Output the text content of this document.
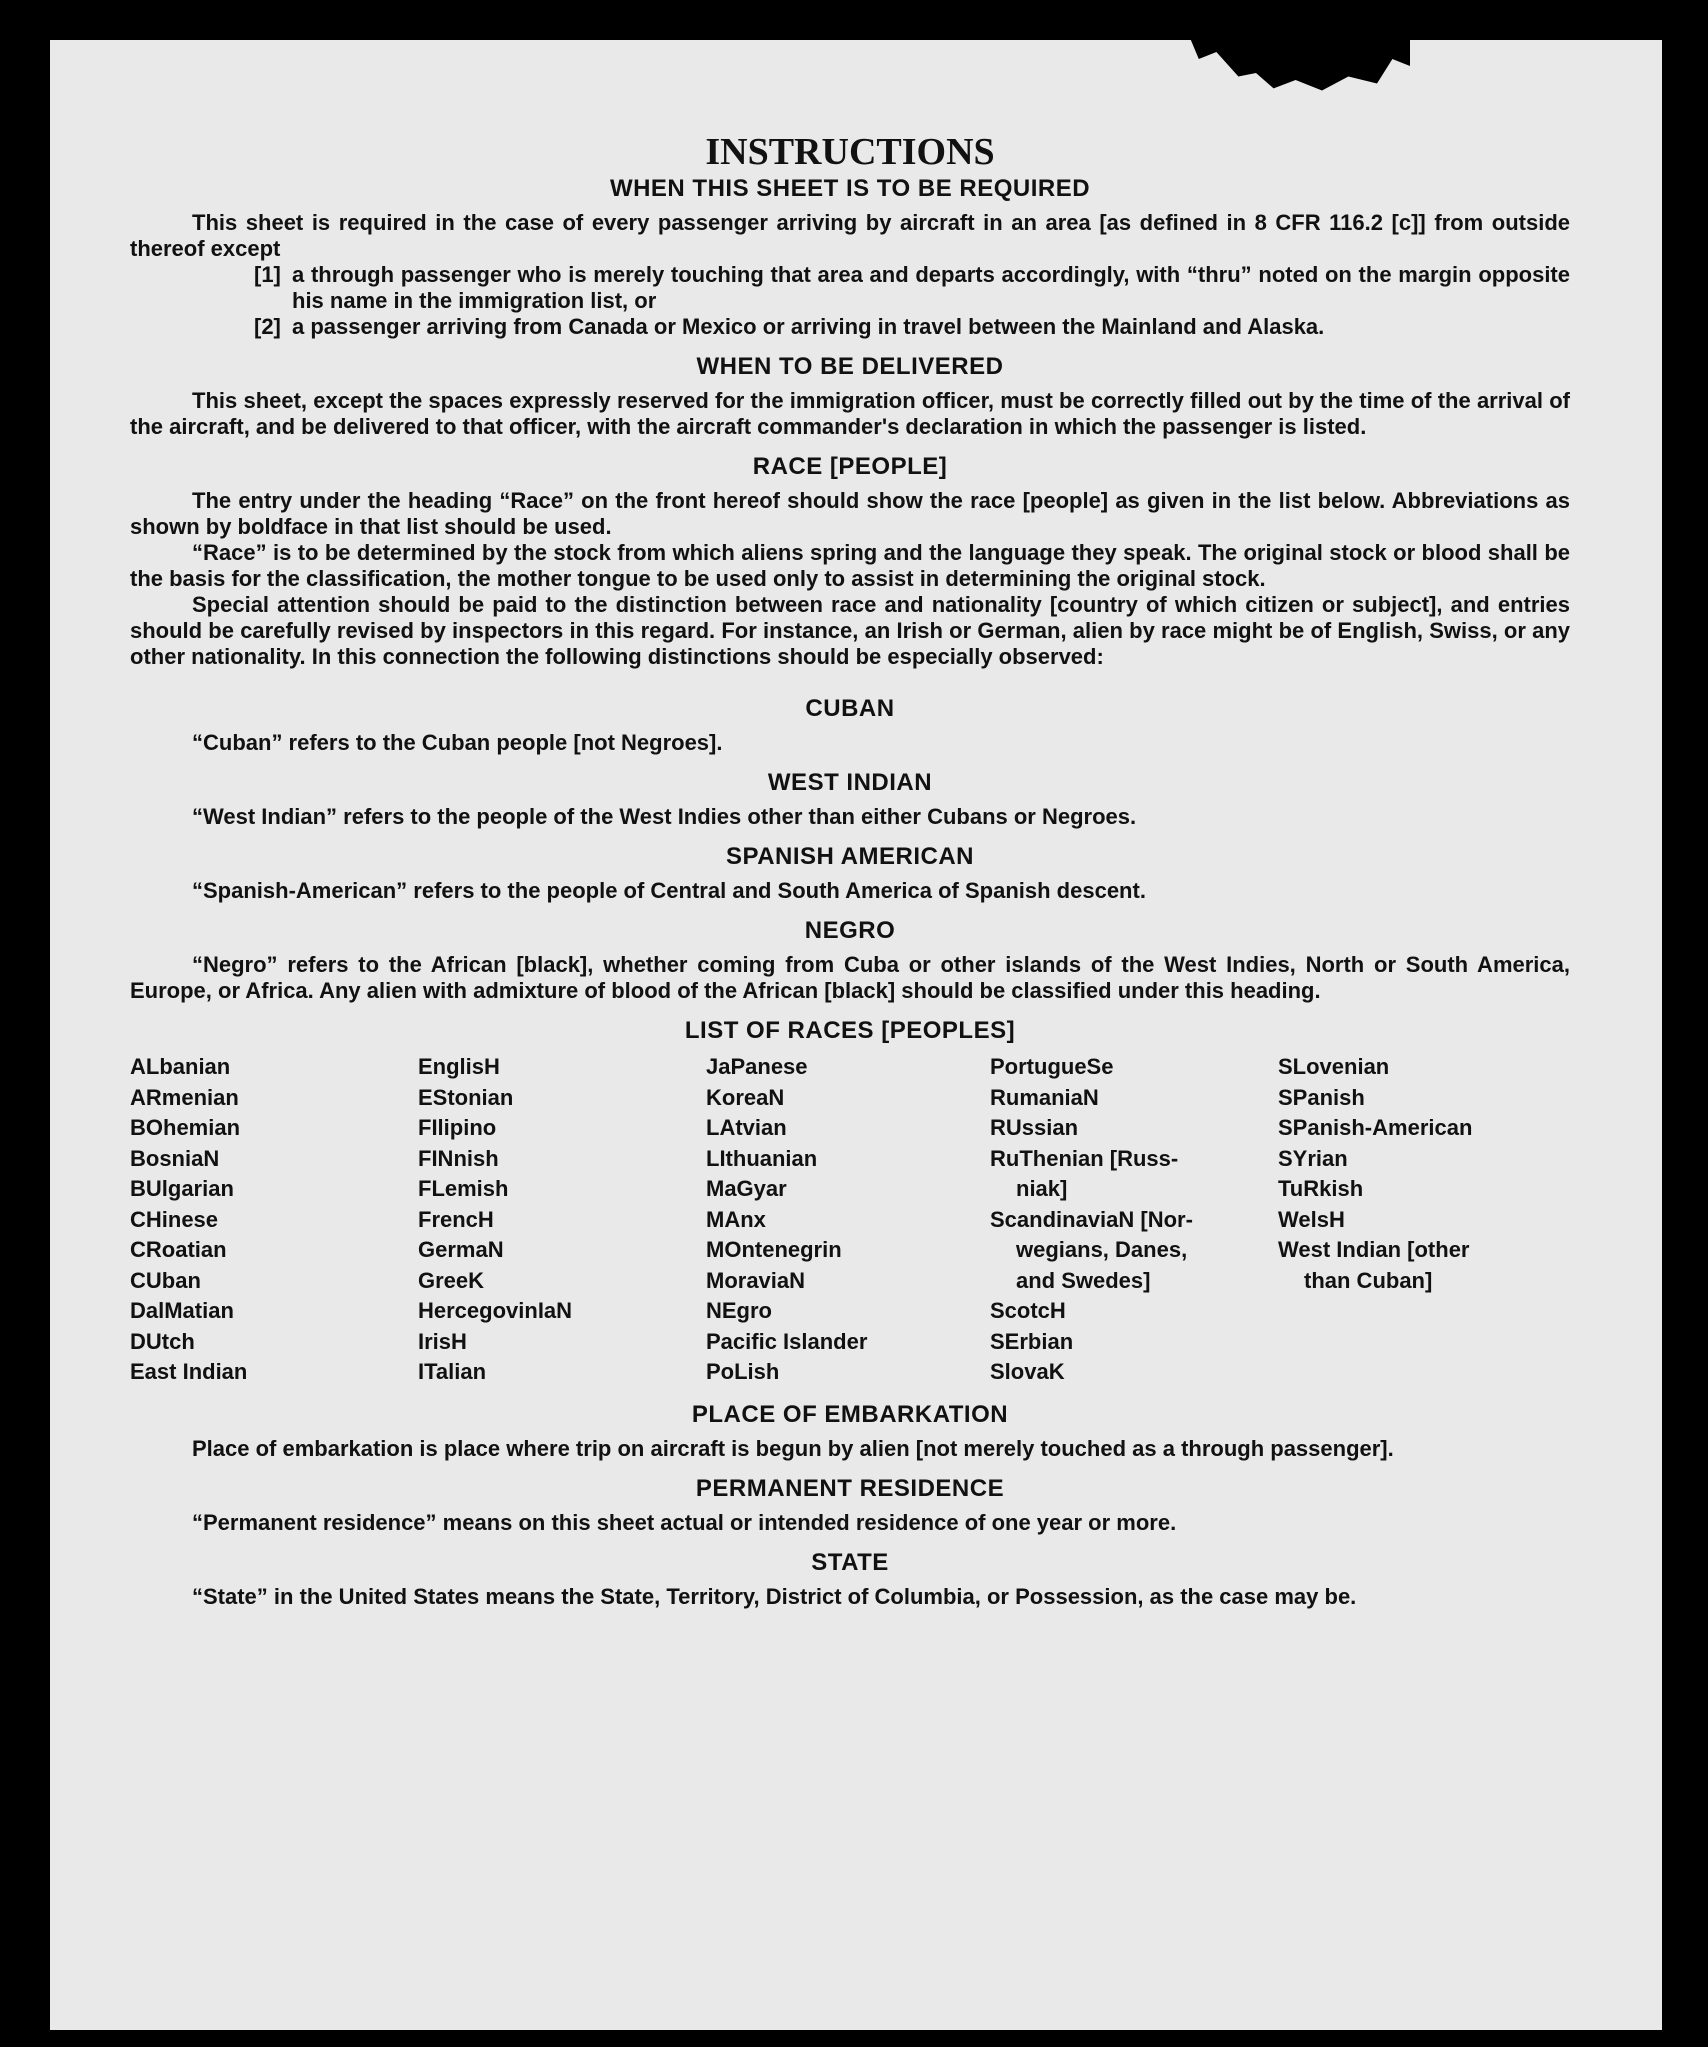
INSTRUCTIONS
WHEN THIS SHEET IS TO BE REQUIRED

This sheet is required in the case of every passenger arriving by aircraft in an area [as defined in 8 CFR 116.2 [c]] from outside thereof except

[1] a through passenger who is merely touching that area and departs accordingly, with “thru” noted on the margin opposite his name in the immigration list, or
[2] a passenger arriving from Canada or Mexico or arriving in travel between the Mainland and Alaska.
WHEN TO BE DELIVERED

This sheet, except the spaces expressly reserved for the immigration officer, must be correctly filled out by the time of the arrival of the aircraft, and be delivered to that officer, with the aircraft commander's declaration in which the passenger is listed.

RACE [PEOPLE]

The entry under the heading “Race” on the front hereof should show the race [people] as given in the list below. Abbreviations as shown by boldface in that list should be used.

“Race” is to be determined by the stock from which aliens spring and the language they speak. The original stock or blood shall be the basis for the classification, the mother tongue to be used only to assist in determining the original stock.

Special attention should be paid to the distinction between race and nationality [country of which citizen or subject], and entries should be carefully revised by inspectors in this regard. For instance, an Irish or German, alien by race might be of English, Swiss, or any other nationality. In this connection the following distinctions should be especially observed:

CUBAN

“Cuban” refers to the Cuban people [not Negroes].

WEST INDIAN

“West Indian” refers to the people of the West Indies other than either Cubans or Negroes.

SPANISH AMERICAN

“Spanish-American” refers to the people of Central and South America of Spanish descent.

NEGRO

“Negro” refers to the African [black], whether coming from Cuba or other islands of the West Indies, North or South America, Europe, or Africa. Any alien with admixture of blood of the African [black] should be classified under this heading.

LIST OF RACES [PEOPLES]
ALbanian
ARmenian
BOhemian
BosniaN
BUlgarian
CHinese
CRoatian
CUban
DalMatian
DUtch
East Indian
EnglisH
EStonian
FIlipino
FINnish
FLemish
FrencH
GermaN
GreeK
HercegovinIaN
IrisH
ITalian
JaPanese
KoreaN
LAtvian
LIthuanian
MaGyar
MAnx
MOntenegrin
MoraviaN
NEgro
Pacific Islander
PoLish
PortugueSe
RumaniaN
RUssian
RuThenian [Russ-
niak]
ScandinaviaN [Nor-
wegians, Danes,
and Swedes]
ScotcH
SErbian
SlovaK
SLovenian
SPanish
SPanish-American
SYrian
TuRkish
WelsH
West Indian [other
than Cuban]
PLACE OF EMBARKATION

Place of embarkation is place where trip on aircraft is begun by alien [not merely touched as a through passenger].

PERMANENT RESIDENCE

“Permanent residence” means on this sheet actual or intended residence of one year or more.

STATE

“State” in the United States means the State, Territory, District of Columbia, or Possession, as the case may be.
